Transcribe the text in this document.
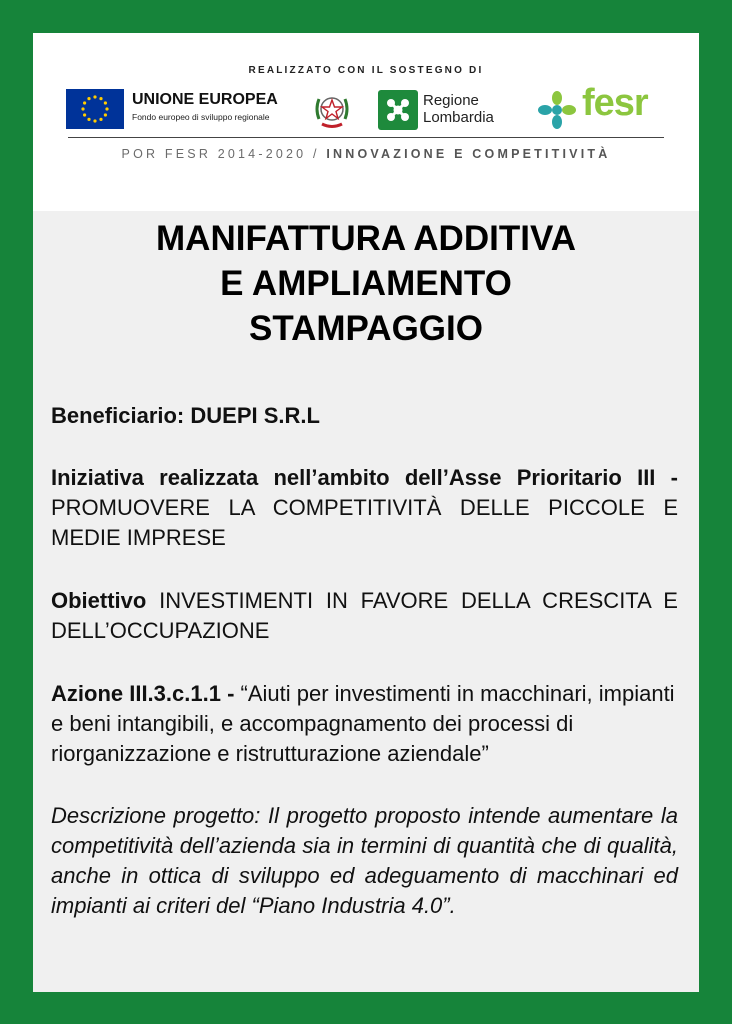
REALIZZATO CON IL SOSTEGNO DI
UNIONE EUROPEA
Fondo europeo di sviluppo regionale
Regione
Lombardia fesr
POR FESR 2014-2020 / INNOVAZIONE E COMPETITIVITÀ
MANIFATTURA ADDITIVA
E AMPLIAMENTO
STAMPAGGIO
Beneficiario: DUEPI S.R.L
Iniziativa realizzata nell’ambito dell’Asse Prioritario III - PROMUOVERE LA COMPETITIVITÀ DELLE PICCOLE E MEDIE IMPRESE
Obiettivo INVESTIMENTI IN FAVORE DELLA CRESCITA E DELL’OCCUPAZIONE
Azione III.3.c.1.1 - “Aiuti per investimenti in macchinari, impianti e beni intangibili, e accompagnamento dei processi di riorganizzazione e ristrutturazione aziendale”
Descrizione progetto: Il progetto proposto intende aumentare la competitività dell’azienda sia in termini di quantità che di qualità, anche in ottica di sviluppo ed adeguamento di macchinari ed impianti ai criteri del “Piano Industria 4.0”.
